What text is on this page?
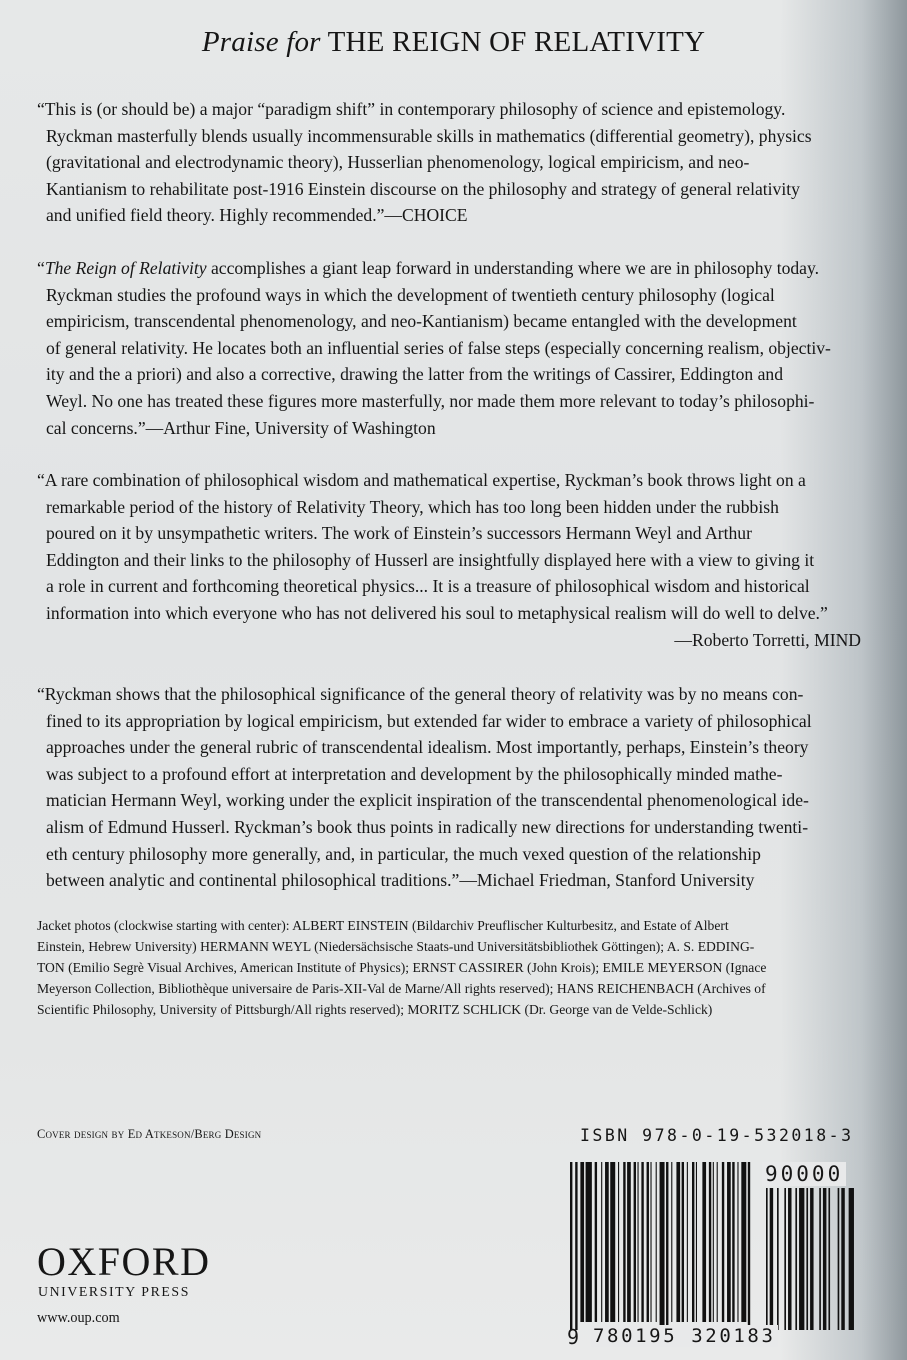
Praise for THE REIGN OF RELATIVITY

“This is (or should be) a major “paradigm shift” in contemporary philosophy of science and epistemology.
Ryckman masterfully blends usually incommensurable skills in mathematics (differential geometry), physics
(gravitational and electrodynamic theory), Husserlian phenomenology, logical empiricism, and neo-
Kantianism to rehabilitate post-1916 Einstein discourse on the philosophy and strategy of general relativity
and unified field theory. Highly recommended.”—CHOICE

“The Reign of Relativity accomplishes a giant leap forward in understanding where we are in philosophy today.
Ryckman studies the profound ways in which the development of twentieth century philosophy (logical
empiricism, transcendental phenomenology, and neo-Kantianism) became entangled with the development
of general relativity. He locates both an influential series of false steps (especially concerning realism, objectiv-
ity and the a priori) and also a corrective, drawing the latter from the writings of Cassirer, Eddington and
Weyl. No one has treated these figures more masterfully, nor made them more relevant to today’s philosophi-
cal concerns.”—Arthur Fine, University of Washington

“A rare combination of philosophical wisdom and mathematical expertise, Ryckman’s book throws light on a
remarkable period of the history of Relativity Theory, which has too long been hidden under the rubbish
poured on it by unsympathetic writers. The work of Einstein’s successors Hermann Weyl and Arthur
Eddington and their links to the philosophy of Husserl are insightfully displayed here with a view to giving it
a role in current and forthcoming theoretical physics... It is a treasure of philosophical wisdom and historical
information into which everyone who has not delivered his soul to metaphysical realism will do well to delve.”
—Roberto Torretti, MIND

“Ryckman shows that the philosophical significance of the general theory of relativity was by no means con-
fined to its appropriation by logical empiricism, but extended far wider to embrace a variety of philosophical
approaches under the general rubric of transcendental idealism. Most importantly, perhaps, Einstein’s theory
was subject to a profound effort at interpretation and development by the philosophically minded mathe-
matician Hermann Weyl, working under the explicit inspiration of the transcendental phenomenological ide-
alism of Edmund Husserl. Ryckman’s book thus points in radically new directions for understanding twenti-
eth century philosophy more generally, and, in particular, the much vexed question of the relationship
between analytic and continental philosophical traditions.”—Michael Friedman, Stanford University

Jacket photos (clockwise starting with center): ALBERT EINSTEIN (Bildarchiv Preuflischer Kulturbesitz, and Estate of Albert
Einstein, Hebrew University) HERMANN WEYL (Niedersächsische Staats-und Universitätsbibliothek Göttingen); A. S. EDDING-
TON (Emilio Segrè Visual Archives, American Institute of Physics); ERNST CASSIRER (John Krois); EMILE MEYERSON (Ignace
Meyerson Collection, Bibliothèque universaire de Paris-XII-Val de Marne/All rights reserved); HANS REICHENBACH (Archives of
Scientific Philosophy, University of Pittsburgh/All rights reserved); MORITZ SCHLICK (Dr. George van de Velde-Schlick)
Cover design by Ed Atkeson/Berg Design
OXFORD
UNIVERSITY PRESS
www.oup.com
ISBN 978-0-19-532018-3
90000
9 780195 320183
